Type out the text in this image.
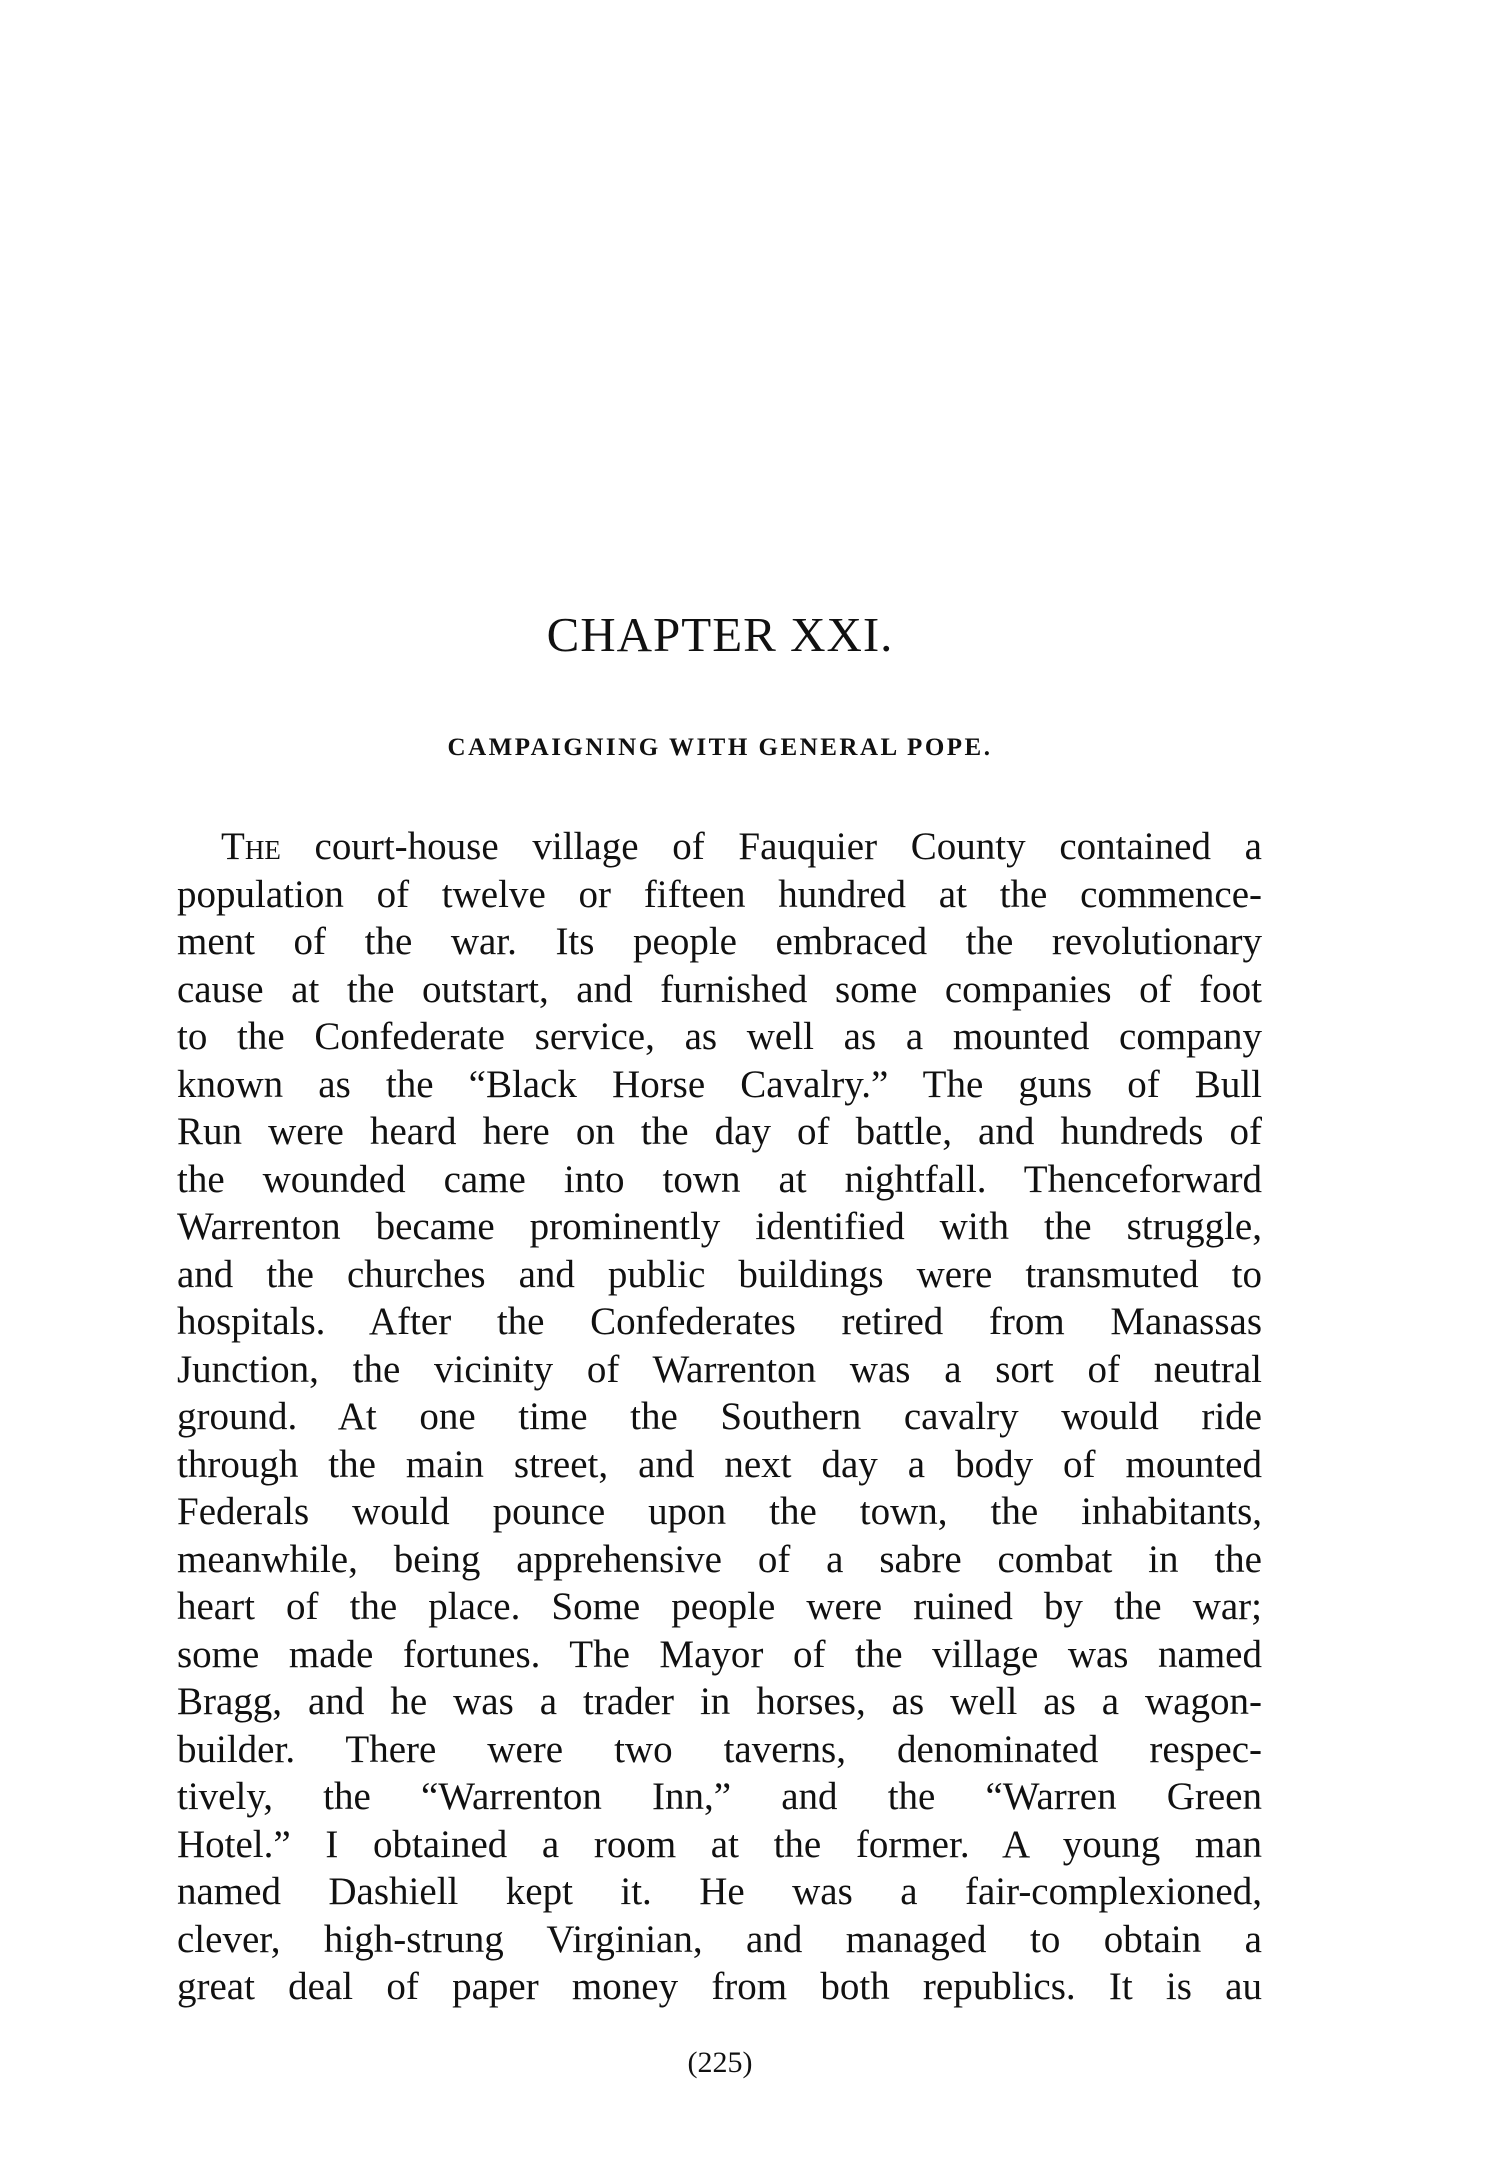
CHAPTER XXI.
CAMPAIGNING WITH GENERAL POPE.
The court-house village of Fauquier County contained a
population of twelve or fifteen hundred at the commence-
ment of the war. Its people embraced the revolutionary
cause at the outstart, and furnished some companies of foot
to the Confederate service, as well as a mounted company
known as the “Black Horse Cavalry.” The guns of Bull
Run were heard here on the day of battle, and hundreds of
the wounded came into town at nightfall. Thenceforward
Warrenton became prominently identified with the struggle,
and the churches and public buildings were transmuted to
hospitals. After the Confederates retired from Manassas
Junction, the vicinity of Warrenton was a sort of neutral
ground. At one time the Southern cavalry would ride
through the main street, and next day a body of mounted
Federals would pounce upon the town, the inhabitants,
meanwhile, being apprehensive of a sabre combat in the
heart of the place. Some people were ruined by the war;
some made fortunes. The Mayor of the village was named
Bragg, and he was a trader in horses, as well as a wagon-
builder. There were two taverns, denominated respec-
tively, the “Warrenton Inn,” and the “Warren Green
Hotel.” I obtained a room at the former. A young man
named Dashiell kept it. He was a fair-complexioned,
clever, high-strung Virginian, and managed to obtain a
great deal of paper money from both republics. It is au
(225)
